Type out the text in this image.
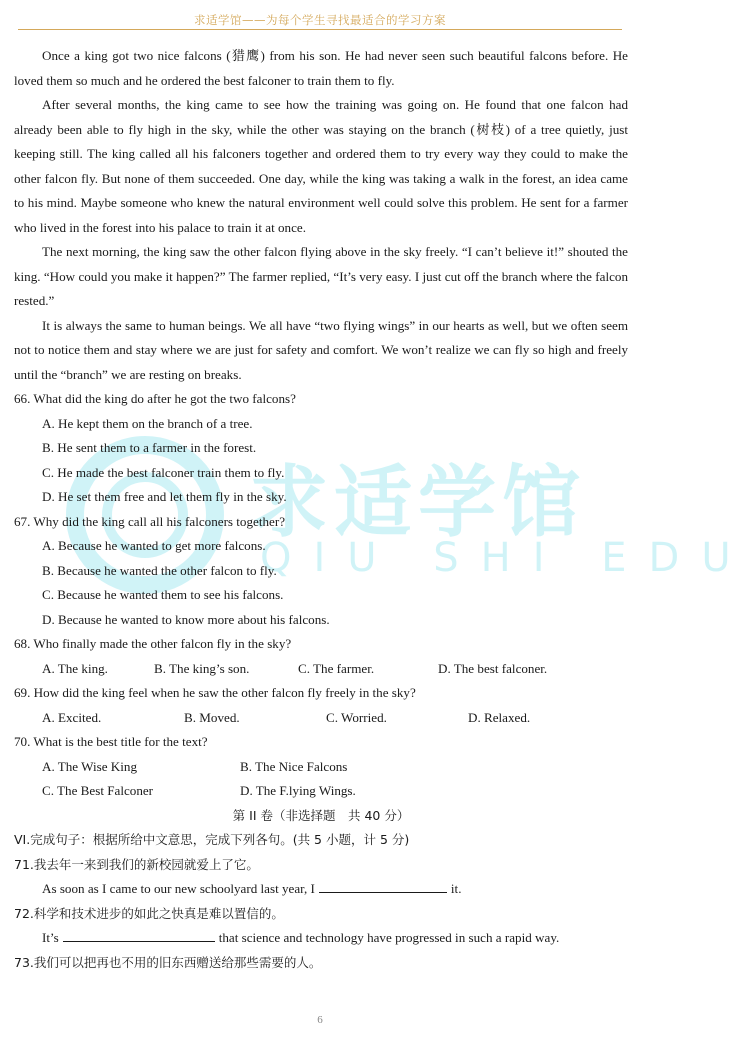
求适学馆——为每个学生寻找最适合的学习方案
求适学馆
QIU SHI EDU

Once a king got two nice falcons (猎鹰) from his son. He had never seen such beautiful falcons before. He loved them so much and he ordered the best falconer to train them to fly.

After several months, the king came to see how the training was going on. He found that one falcon had already been able to fly high in the sky, while the other was staying on the branch (树枝) of a tree quietly, just keeping still. The king called all his falconers together and ordered them to try every way they could to make the other falcon fly. But none of them succeeded. One day, while the king was taking a walk in the forest, an idea came to his mind. Maybe someone who knew the natural environment well could solve this problem. He sent for a farmer who lived in the forest into his palace to train it at once.

The next morning, the king saw the other falcon flying above in the sky freely. “I can’t believe it!” shouted the king. “How could you make it happen?” The farmer replied, “It’s very easy. I just cut off the branch where the falcon rested.”

It is always the same to human beings. We all have “two flying wings” in our hearts as well, but we often seem not to notice them and stay where we are just for safety and comfort. We won’t realize we can fly so high and freely until the “branch” we are resting on breaks.

66. What did the king do after he got the two falcons?

A. He kept them on the branch of a tree.

B. He sent them to a farmer in the forest.

C. He made the best falconer train them to fly.

D. He set them free and let them fly in the sky.

67. Why did the king call all his falconers together?

A. Because he wanted to get more falcons.

B. Because he wanted the other falcon to fly.

C. Because he wanted them to see his falcons.

D. Because he wanted to know more about his falcons.

68. Who finally made the other falcon fly in the sky?

A. The king.	B. The king’s son.	C. The farmer.	D. The best falconer.

69. How did the king feel when he saw the other falcon fly freely in the sky?

A. Excited.	B. Moved.	C. Worried.	D. Relaxed.

70. What is the best title for the text?

A. The Wise King	B. The Nice Falcons
C. The Best Falconer	D. The F.lying Wings.

第 II 卷（非选择题　共 40 分）

VI.完成句子：根据所给中文意思，完成下列各句。(共 5 小题，计 5 分)

71.我去年一来到我们的新校园就爱上了它。

As soon as I came to our new schoolyard last year, I	it.

72.科学和技术进步的如此之快真是难以置信的。

It’s	that science and technology have progressed in such a rapid way.

73.我们可以把再也不用的旧东西赠送给那些需要的人。

6
